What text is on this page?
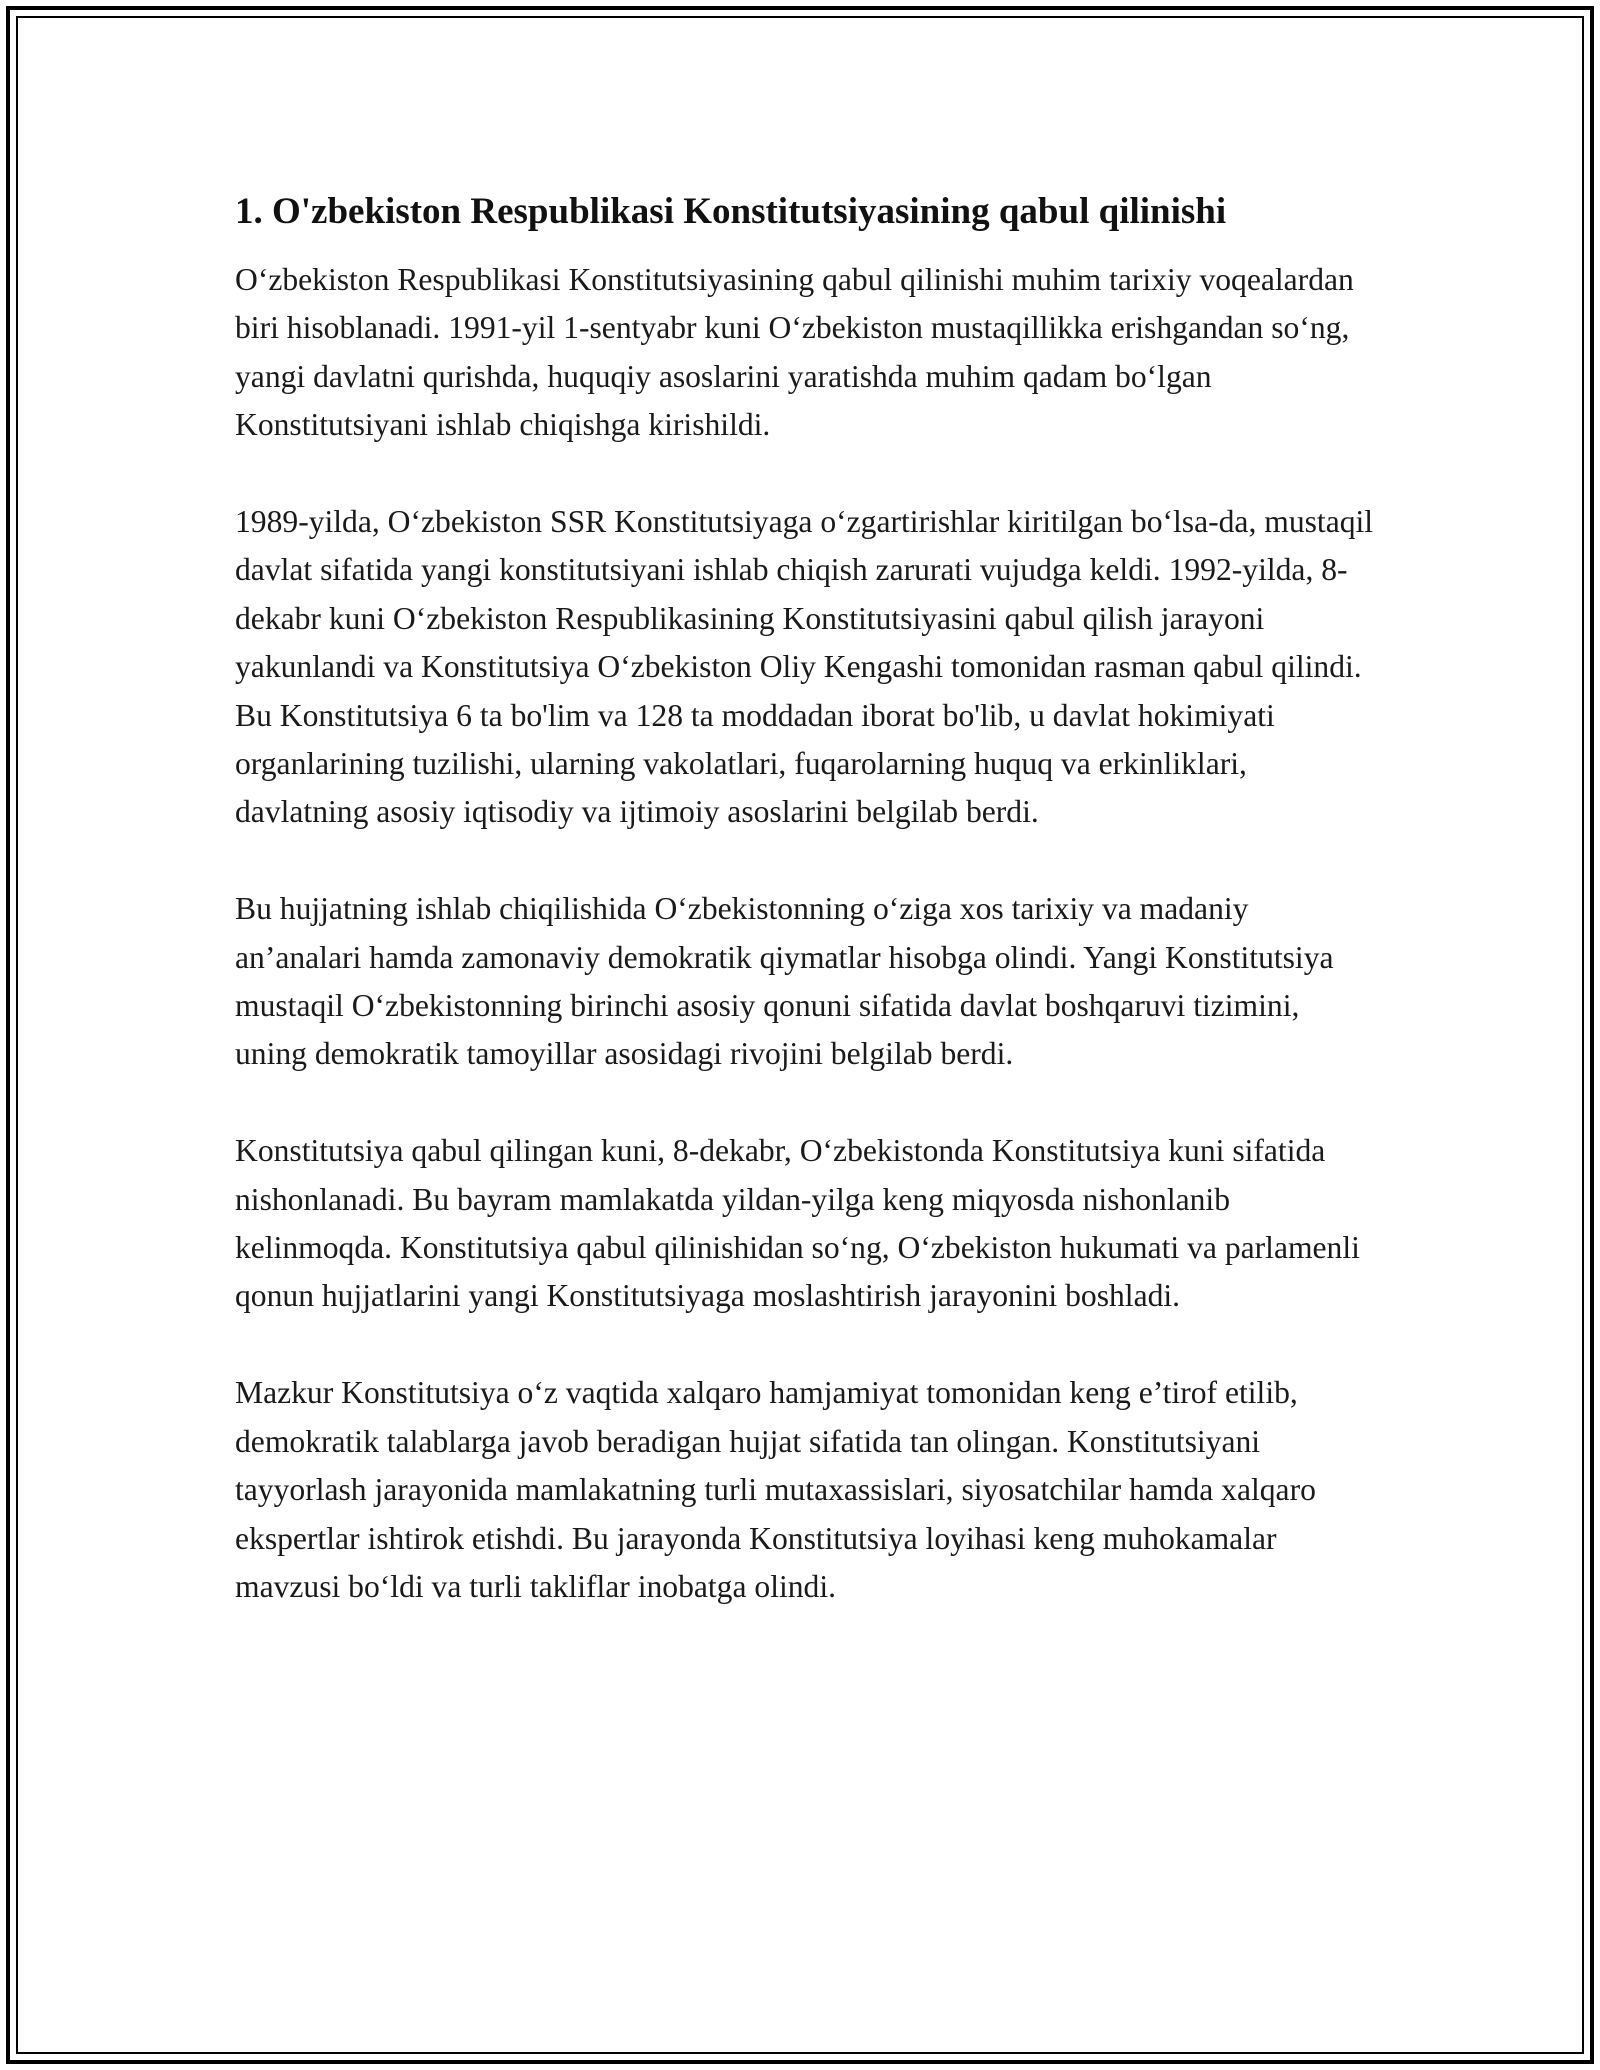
1. O'zbekiston Respublikasi Konstitutsiyasining qabul qilinishi

O‘zbekiston Respublikasi Konstitutsiyasining qabul qilinishi muhim tarixiy voqealardan biri hisoblanadi. 1991-yil 1-sentyabr kuni O‘zbekiston mustaqillikka erishgandan so‘ng, yangi davlatni qurishda, huquqiy asoslarini yaratishda muhim qadam bo‘lgan Konstitutsiyani ishlab chiqishga kirishildi.

1989-yilda, O‘zbekiston SSR Konstitutsiyaga o‘zgartirishlar kiritilgan bo‘lsa-da, mustaqil davlat sifatida yangi konstitutsiyani ishlab chiqish zarurati vujudga keldi. 1992-yilda, 8-dekabr kuni O‘zbekiston Respublikasining Konstitutsiyasini qabul qilish jarayoni yakunlandi va Konstitutsiya O‘zbekiston Oliy Kengashi tomonidan rasman qabul qilindi. Bu Konstitutsiya 6 ta bo'lim va 128 ta moddadan iborat bo'lib, u davlat hokimiyati organlarining tuzilishi, ularning vakolatlari, fuqarolarning huquq va erkinliklari, davlatning asosiy iqtisodiy va ijtimoiy asoslarini belgilab berdi.

Bu hujjatning ishlab chiqilishida O‘zbekistonning o‘ziga xos tarixiy va madaniy an’analari hamda zamonaviy demokratik qiymatlar hisobga olindi. Yangi Konstitutsiya mustaqil O‘zbekistonning birinchi asosiy qonuni sifatida davlat boshqaruvi tizimini, uning demokratik tamoyillar asosidagi rivojini belgilab berdi.

Konstitutsiya qabul qilingan kuni, 8-dekabr, O‘zbekistonda Konstitutsiya kuni sifatida nishonlanadi. Bu bayram mamlakatda yildan-yilga keng miqyosda nishonlanib kelinmoqda. Konstitutsiya qabul qilinishidan so‘ng, O‘zbekiston hukumati va parlamenli qonun hujjatlarini yangi Konstitutsiyaga moslashtirish jarayonini boshladi.

Mazkur Konstitutsiya o‘z vaqtida xalqaro hamjamiyat tomonidan keng e’tirof etilib, demokratik talablarga javob beradigan hujjat sifatida tan olingan. Konstitutsiyani tayyorlash jarayonida mamlakatning turli mutaxassislari, siyosatchilar hamda xalqaro ekspertlar ishtirok etishdi. Bu jarayonda Konstitutsiya loyihasi keng muhokamalar mavzusi bo‘ldi va turli takliflar inobatga olindi.
